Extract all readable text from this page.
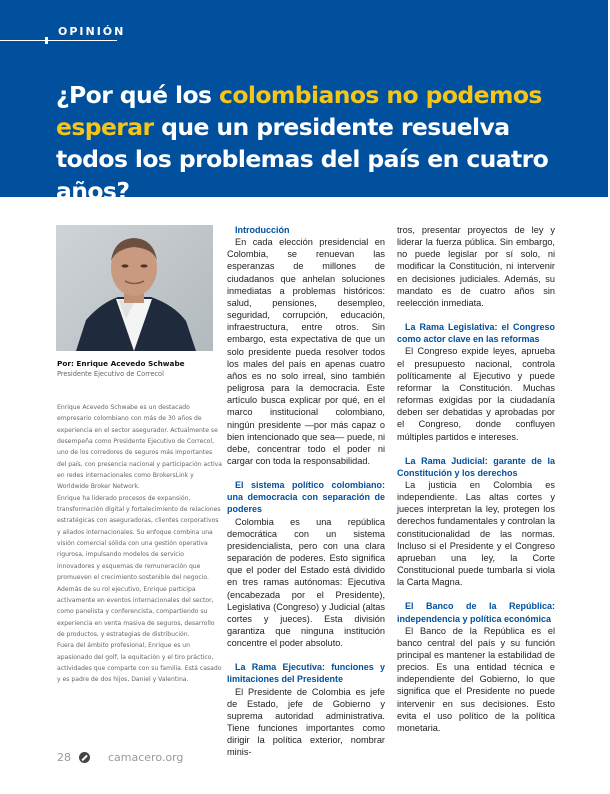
OPINIÓN
¿Por qué los colombianos no podemos
esperar que un presidente resuelva todos los problemas del país en cuatro años?
Por: Enrique Acevedo Schwabe
Presidente Ejecutivo de Correcol

Enrique Acevedo Schwabe es un destacado empresario colombiano con más de 30 años de experiencia en el sector asegurador. Actualmente se desempeña como Presidente Ejecutivo de Correcol, uno de los corredores de seguros más importantes del país, con presencia nacional y participación activa en redes internacionales como BrokersLink y Worldwide Broker Network.

Enrique ha liderado procesos de expansión, transformación digital y fortalecimiento de relaciones estratégicas con aseguradoras, clientes corporativos y aliados internacionales. Su enfoque combina una visión comercial sólida con una gestión operativa rigurosa, impulsando modelos de servicio innovadores y esquemas de remuneración que promueven el crecimiento sostenible del negocio.

Además de su rol ejecutivo, Enrique participa activamente en eventos internacionales del sector, como panelista y conferencista, compartiendo su experiencia en venta masiva de seguros, desarrollo de productos, y estrategias de distribución.

Fuera del ámbito profesional, Enrique es un apasionado del golf, la equitación y el tiro práctico, actividades que comparte con su familia. Está casado y es padre de dos hijos, Daniel y Valentina.

Introducción

En cada elección presidencial en Colombia, se renuevan las esperanzas de millones de ciudadanos que anhelan soluciones inmediatas a problemas históricos: salud, pensiones, desempleo, seguridad, corrupción, educación, infraestructura, entre otros. Sin embargo, esta expectativa de que un solo presidente pueda resolver todos los males del país en apenas cuatro años es no solo irreal, sino también peligrosa para la democracia. Este artículo busca explicar por qué, en el marco institucional colombiano, ningún presidente —por más capaz o bien intencionado que sea— puede, ni debe, concentrar todo el poder ni cargar con toda la responsabilidad.

El sistema político colombiano: una democracia con separación de poderes

Colombia es una república democrática con un sistema presidencialista, pero con una clara separación de poderes. Esto significa que el poder del Estado está dividido en tres ramas autónomas: Ejecutiva (encabezada por el Presidente), Legislativa (Congreso) y Judicial (altas cortes y jueces). Esta división garantiza que ninguna institución concentre el poder absoluto.

La Rama Ejecutiva: funciones y limitaciones del Presidente

El Presidente de Colombia es jefe de Estado, jefe de Gobierno y suprema autoridad administrativa. Tiene funciones importantes como dirigir la política exterior, nombrar minis-

tros, presentar proyectos de ley y liderar la fuerza pública. Sin embargo, no puede legislar por sí solo, ni modificar la Constitución, ni intervenir en decisiones judiciales. Además, su mandato es de cuatro años sin reelección inmediata.

La Rama Legislativa: el Congreso como actor clave en las reformas

El Congreso expide leyes, aprueba el presupuesto nacional, controla políticamente al Ejecutivo y puede reformar la Constitución. Muchas reformas exigidas por la ciudadanía deben ser debatidas y aprobadas por el Congreso, donde confluyen múltiples partidos e intereses.

La Rama Judicial: garante de la Constitución y los derechos

La justicia en Colombia es independiente. Las altas cortes y jueces interpretan la ley, protegen los derechos fundamentales y controlan la constitucionalidad de las normas. Incluso si el Presidente y el Congreso aprueban una ley, la Corte Constitucional puede tumbarla si viola la Carta Magna.

El Banco de la República: independencia y política económica

El Banco de la República es el banco central del país y su función principal es mantener la estabilidad de precios. Es una entidad técnica e independiente del Gobierno, lo que significa que el Presidente no puede intervenir en sus decisiones. Esto evita el uso político de la política monetaria.

28	camacero.org
